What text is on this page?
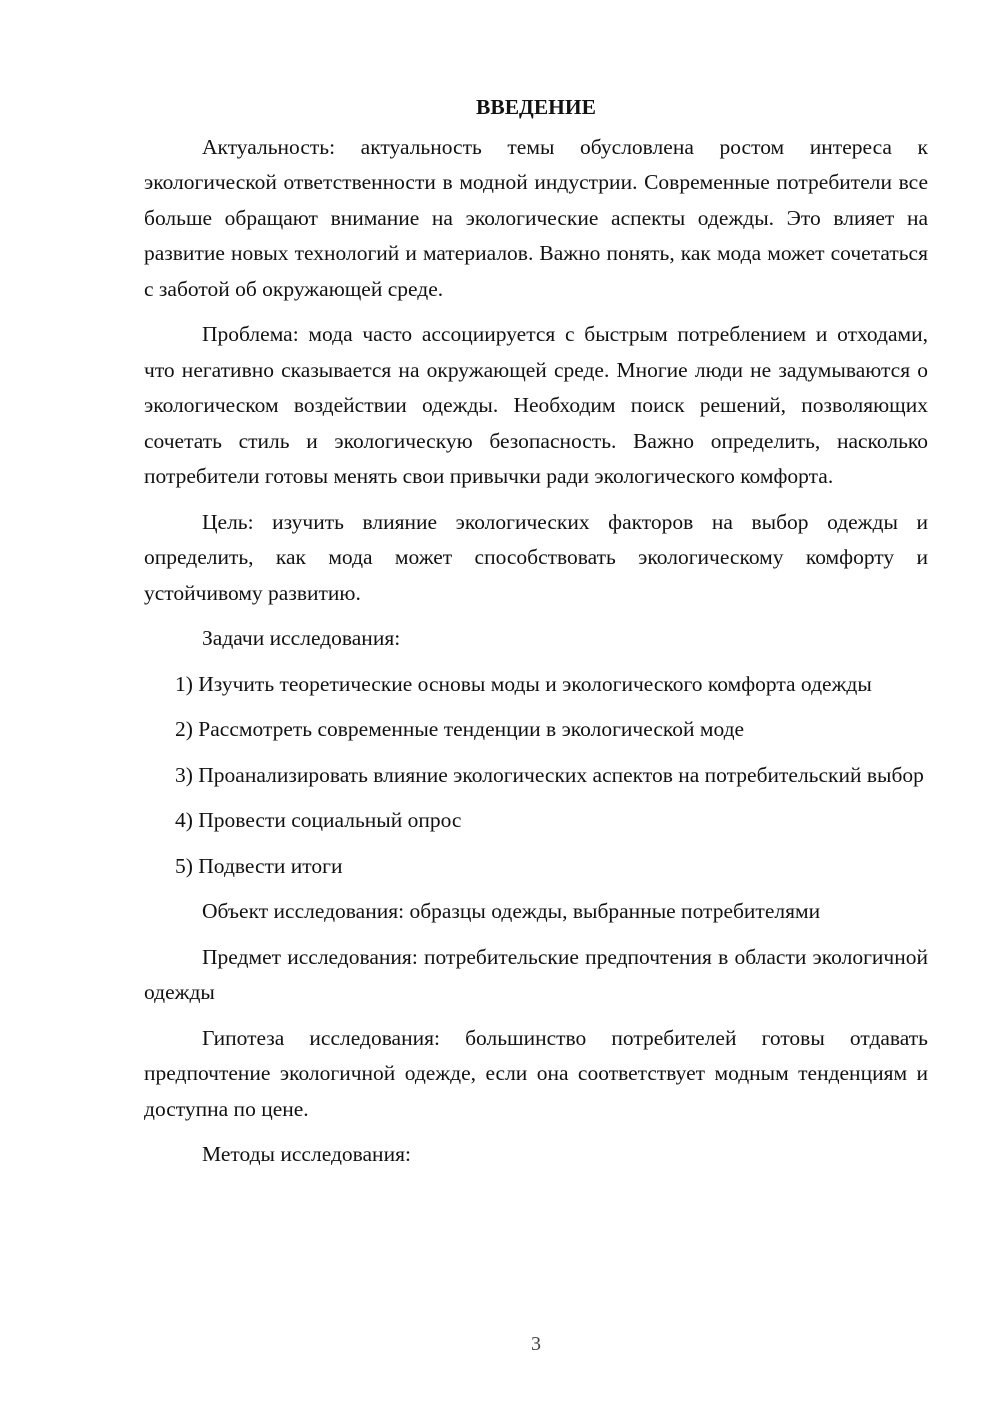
ВВЕДЕНИЕ

Актуальность: актуальность темы обусловлена ростом интереса к экологической ответственности в модной индустрии. Современные потребители все больше обращают внимание на экологические аспекты одежды. Это влияет на развитие новых технологий и материалов. Важно понять, как мода может сочетаться с заботой об окружающей среде.

Проблема: мода часто ассоциируется с быстрым потреблением и отходами, что негативно сказывается на окружающей среде. Многие люди не задумываются о экологическом воздействии одежды. Необходим поиск решений, позволяющих сочетать стиль и экологическую безопасность. Важно определить, насколько потребители готовы менять свои привычки ради экологического комфорта.

Цель: изучить влияние экологических факторов на выбор одежды и определить, как мода может способствовать экологическому комфорту и устойчивому развитию.

Задачи исследования:

1) Изучить теоретические основы моды и экологического комфорта одежды

2) Рассмотреть современные тенденции в экологической моде

3) Проанализировать влияние экологических аспектов на потребительский выбор

4) Провести социальный опрос

5) Подвести итоги

Объект исследования: образцы одежды, выбранные потребителями

Предмет исследования: потребительские предпочтения в области экологичной одежды

Гипотеза исследования: большинство потребителей готовы отдавать предпочтение экологичной одежде, если она соответствует модным тенденциям и доступна по цене.

Методы исследования:

3
